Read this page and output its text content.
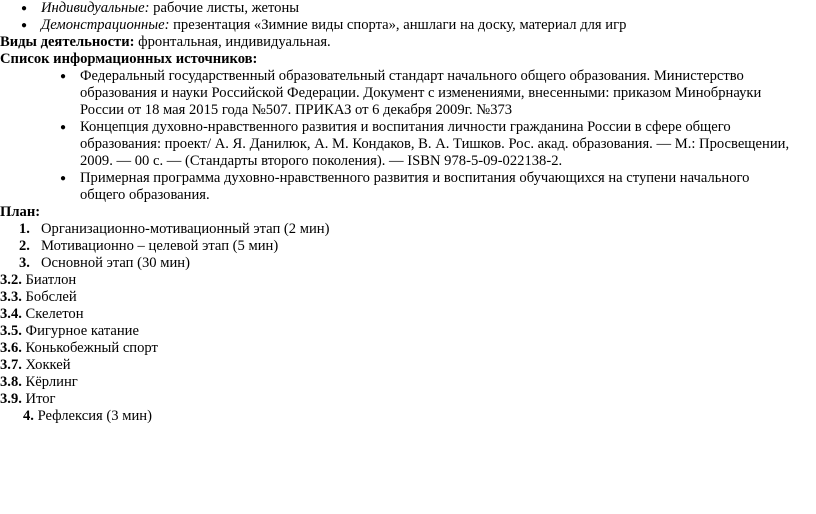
● Индивидуальные: рабочие листы, жетоны
● Демонстрационные: презентация «Зимние виды спорта», аншлаги на доску, материал для игр
Виды деятельности: фронтальная, индивидуальная.
Список информационных источников:
● Федеральный государственный образовательный стандарт начального общего образования. Министерство образования и науки Российской Федерации. Документ с изменениями, внесенными: приказом Минобрнауки России от 18 мая 2015 года №507. ПРИКАЗ от 6 декабря 2009г. №373
● Концепция духовно-нравственного развития и воспитания личности гражданина России в сфере общего образования: проект/ А. Я. Данилюк, А. М. Кондаков, В. А. Тишков. Рос. акад. образования. — М.: Просвещении, 2009. — 00 с. — (Стандарты второго поколения). — ISBN 978-5-09-022138-2.
● Примерная программа духовно-нравственного развития и воспитания обучающихся на ступени начального общего образования.
План:
1. Организационно-мотивационный этап (2 мин)
2. Мотивационно – целевой этап (5 мин)
3. Основной этап (30 мин)
3.2. Биатлон
3.3. Бобслей
3.4. Скелетон
3.5. Фигурное катание
3.6. Конькобежный спорт
3.7. Хоккей
3.8. Кёрлинг
3.9. Итог
4. Рефлексия (3 мин)
